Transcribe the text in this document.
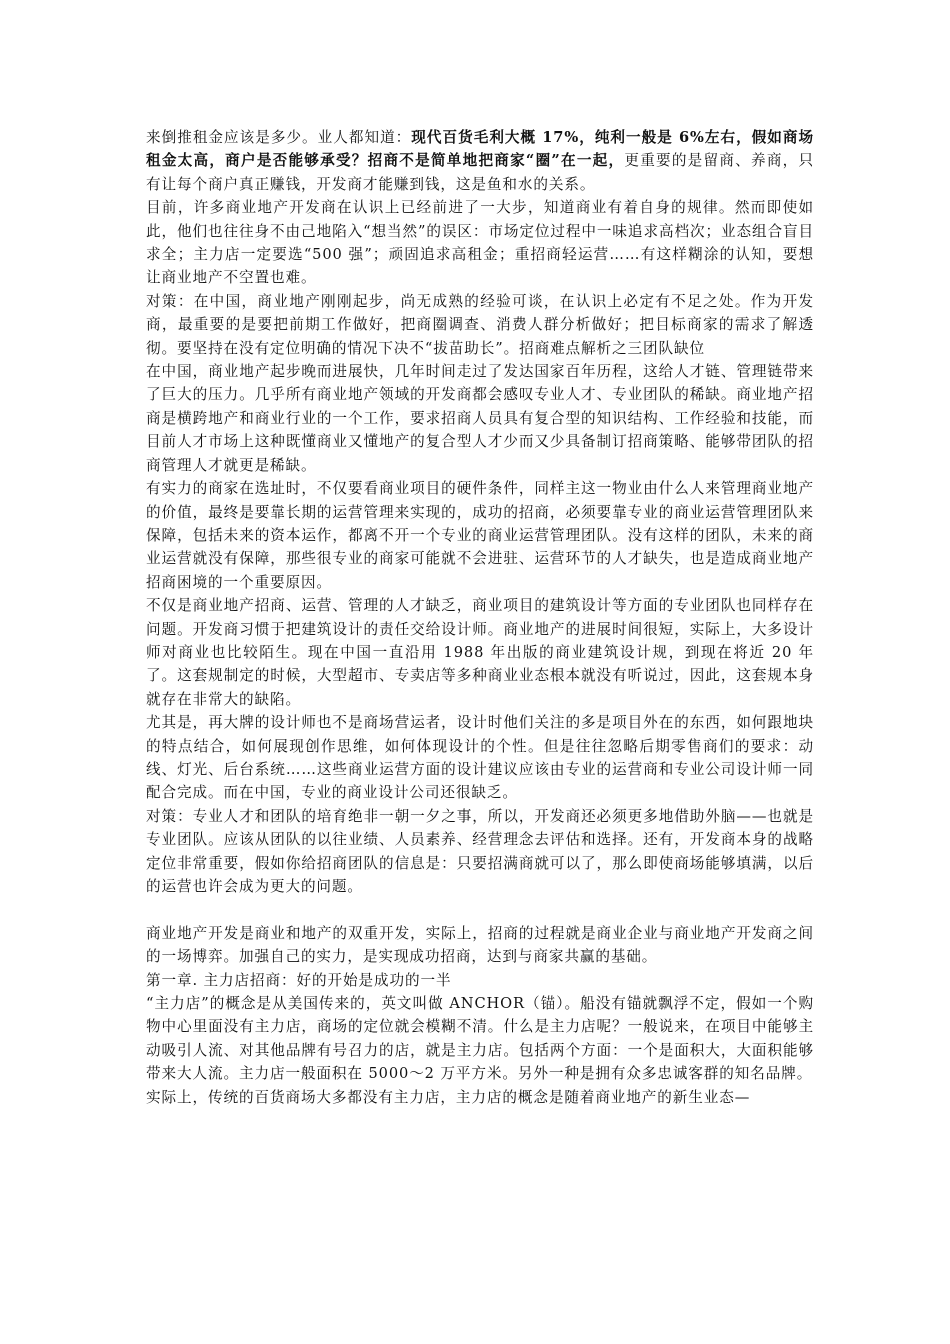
来倒推租金应该是多少。业人都知道：现代百货毛利大概 17%，纯利一般是 6%左右，假如商场租金太高，商户是否能够承受？招商不是简单地把商家“圈”在一起，更重要的是留商、养商，只有让每个商户真正赚钱，开发商才能赚到钱，这是鱼和水的关系。

目前，许多商业地产开发商在认识上已经前进了一大步，知道商业有着自身的规律。然而即使如此，他们也往往身不由己地陷入“想当然”的误区：市场定位过程中一味追求高档次；业态组合盲目求全；主力店一定要选“500 强”；顽固追求高租金；重招商轻运营……有这样糊涂的认知，要想让商业地产不空置也难。

对策：在中国，商业地产刚刚起步，尚无成熟的经验可谈，在认识上必定有不足之处。作为开发商，最重要的是要把前期工作做好，把商圈调查、消费人群分析做好；把目标商家的需求了解透彻。要坚持在没有定位明确的情况下决不“拔苗助长”。招商难点解析之三团队缺位

在中国，商业地产起步晚而进展快，几年时间走过了发达国家百年历程，这给人才链、管理链带来了巨大的压力。几乎所有商业地产领域的开发商都会感叹专业人才、专业团队的稀缺。商业地产招商是横跨地产和商业行业的一个工作，要求招商人员具有复合型的知识结构、工作经验和技能，而目前人才市场上这种既懂商业又懂地产的复合型人才少而又少具备制订招商策略、能够带团队的招商管理人才就更是稀缺。

有实力的商家在选址时，不仅要看商业项目的硬件条件，同样主这一物业由什么人来管理商业地产的价值，最终是要靠长期的运营管理来实现的，成功的招商，必须要靠专业的商业运营管理团队来保障，包括未来的资本运作，都离不开一个专业的商业运营管理团队。没有这样的团队，未来的商业运营就没有保障，那些很专业的商家可能就不会进驻、运营环节的人才缺失，也是造成商业地产招商困境的一个重要原因。

不仅是商业地产招商、运营、管理的人才缺乏，商业项目的建筑设计等方面的专业团队也同样存在问题。开发商习惯于把建筑设计的责任交给设计师。商业地产的进展时间很短，实际上，大多设计师对商业也比较陌生。现在中国一直沿用 1988 年出版的商业建筑设计规，到现在将近 20 年了。这套规制定的时候，大型超市、专卖店等多种商业业态根本就没有听说过，因此，这套规本身就存在非常大的缺陷。

尤其是，再大牌的设计师也不是商场营运者，设计时他们关注的多是项目外在的东西，如何跟地块的特点结合，如何展现创作思维，如何体现设计的个性。但是往往忽略后期零售商们的要求：动线、灯光、后台系统……这些商业运营方面的设计建议应该由专业的运营商和专业公司设计师一同配合完成。而在中国，专业的商业设计公司还很缺乏。

对策：专业人才和团队的培育绝非一朝一夕之事，所以，开发商还必须更多地借助外脑——也就是专业团队。应该从团队的以往业绩、人员素养、经营理念去评估和选择。还有，开发商本身的战略定位非常重要，假如你给招商团队的信息是：只要招满商就可以了，那么即使商场能够填满，以后的运营也许会成为更大的问题。

商业地产开发是商业和地产的双重开发，实际上，招商的过程就是商业企业与商业地产开发商之间的一场博弈。加强自己的实力，是实现成功招商，达到与商家共赢的基础。

第一章. 主力店招商：好的开始是成功的一半

“主力店”的概念是从美国传来的，英文叫做 ANCHOR（锚）。船没有锚就飘浮不定，假如一个购物中心里面没有主力店，商场的定位就会模糊不清。什么是主力店呢？一般说来，在项目中能够主动吸引人流、对其他品牌有号召力的店，就是主力店。包括两个方面：一个是面积大，大面积能够带来大人流。主力店一般面积在 5000～2 万平方米。另外一种是拥有众多忠诚客群的知名品牌。

实际上，传统的百货商场大多都没有主力店，主力店的概念是随着商业地产的新生业态—
